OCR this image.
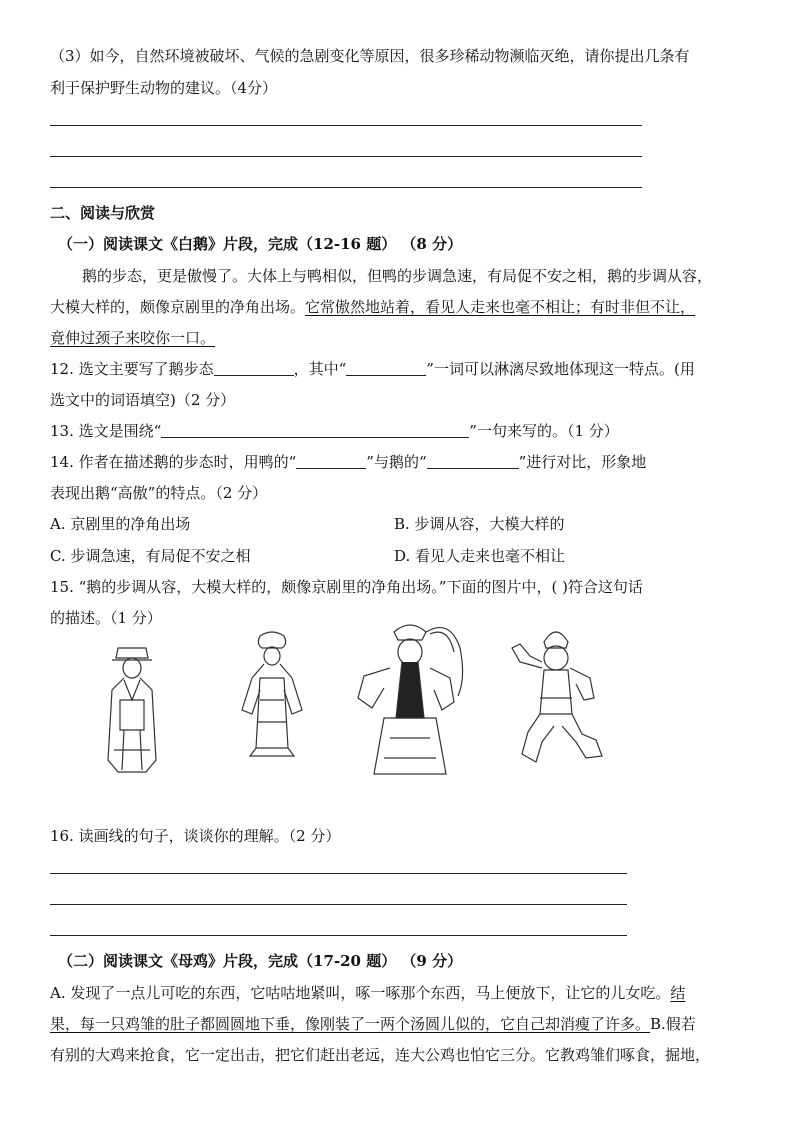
（3）如今，自然环境被破坏、气候的急剧变化等原因，很多珍稀动物濒临灭绝，请你提出几条有
利于保护野生动物的建议。（4分）
二、阅读与欣赏
（一）阅读课文《白鹅》片段，完成（12-16 题） （8 分）
鹅的步态，更是傲慢了。大体上与鸭相似，但鸭的步调急速，有局促不安之相，鹅的步调从容，
大模大样的，颇像京剧里的净角出场。它常傲然地站着，看见人走来也毫不相让；有时非但不让，
竟伸过颈子来咬你一口。
12. 选文主要写了鹅步态	，其中“	”一词可以淋漓尽致地体现这一特点。(用
选文中的词语填空)（2 分）
13. 选文是围绕“	”一句来写的。（1 分）
14. 作者在描述鹅的步态时，用鸭的“	”与鹅的“	”进行对比，形象地
表现出鹅“高傲”的特点。（2 分）
A. 京剧里的净角出场	B. 步调从容，大模大样的
C. 步调急速，有局促不安之相	D. 看见人走来也毫不相让
15. “鹅的步调从容，大模大样的，颇像京剧里的净角出场。”下面的图片中，( )符合这句话
的描述。（1 分）
16. 读画线的句子，谈谈你的理解。（2 分）
（二）阅读课文《母鸡》片段，完成（17-20 题） （9 分）
A. 发现了一点儿可吃的东西，它咕咕地紧叫，啄一啄那个东西，马上便放下，让它的儿女吃。结
果，每一只鸡雏的肚子都圆圆地下垂，像刚装了一两个汤圆儿似的，它自己却消瘦了许多。B.假若
有别的大鸡来抢食，它一定出击，把它们赶出老远，连大公鸡也怕它三分。它教鸡雏们啄食，掘地，
